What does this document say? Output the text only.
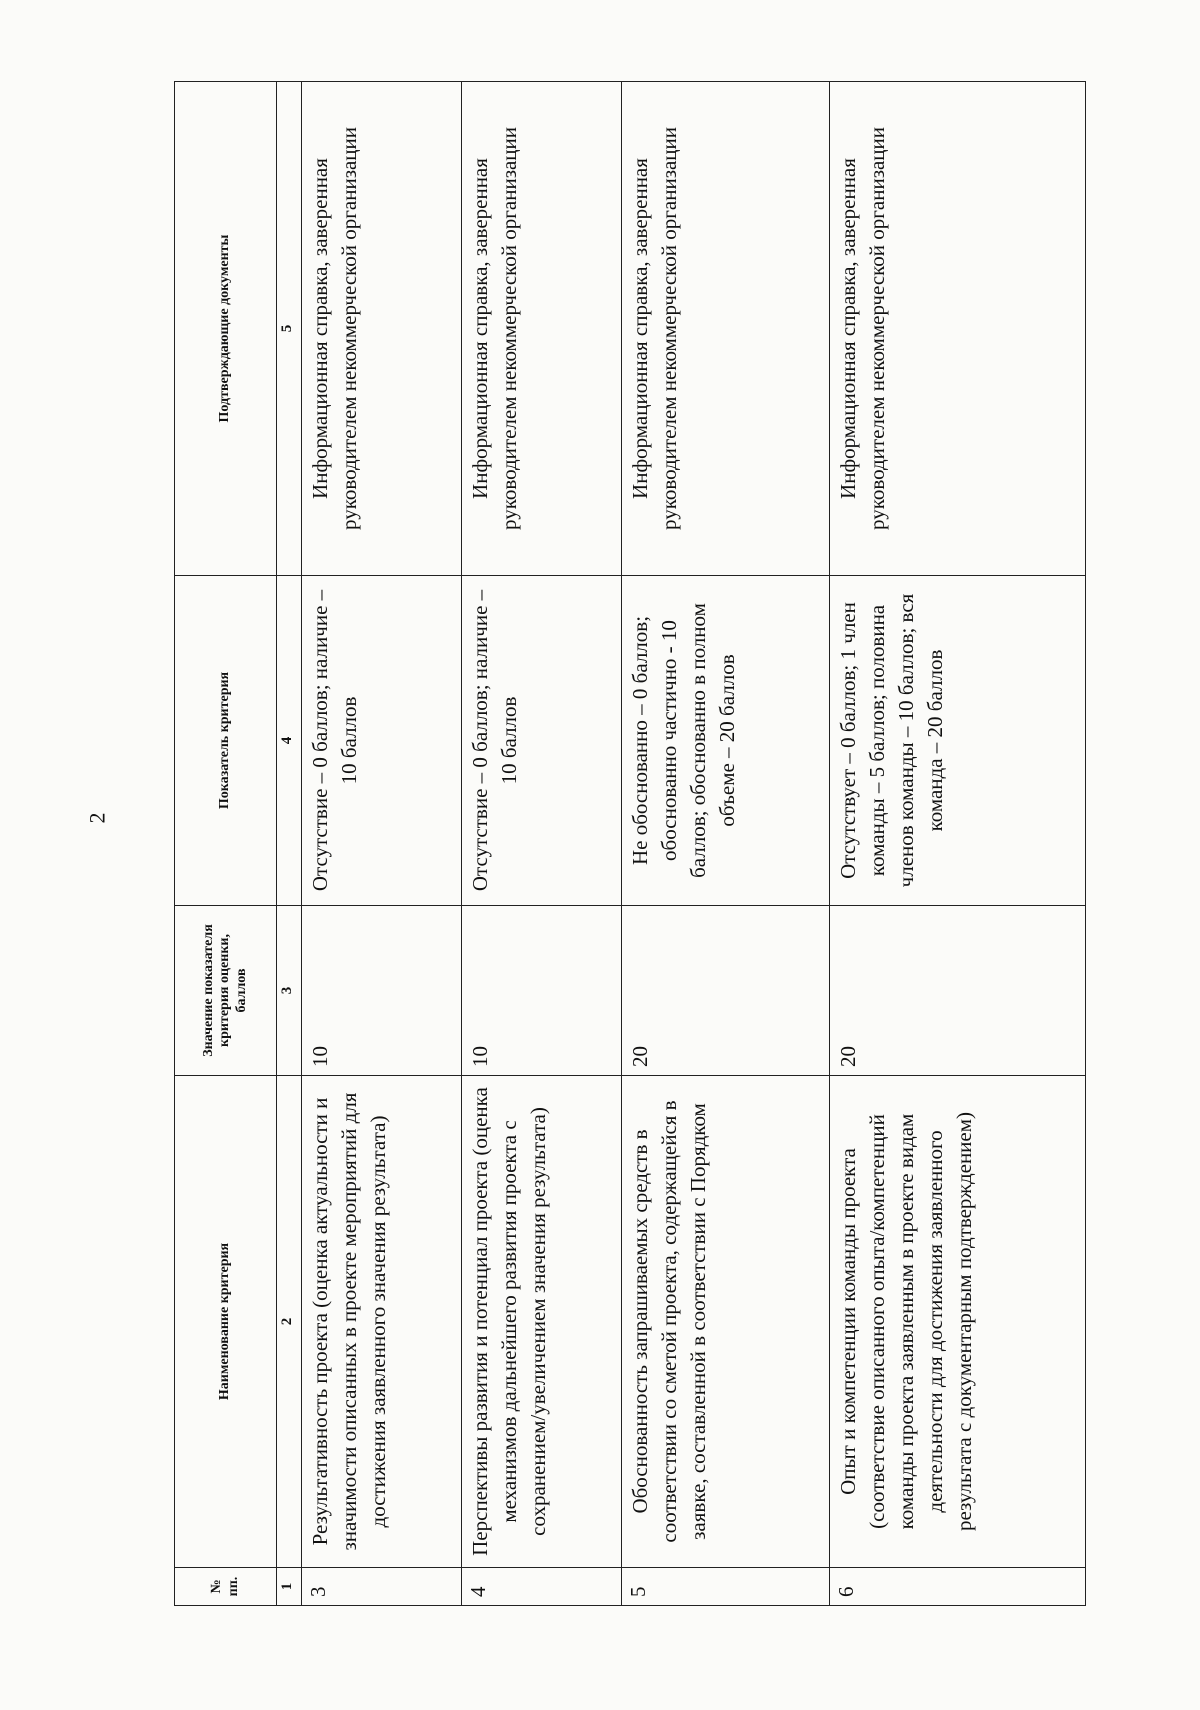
2
№ пп.	Наименование критерия	Значение показателя критерия оценки, баллов	Показатель критерия	Подтверждающие документы
1	2	3	4	5
3	Результативность проекта (оценка актуальности и значимости описанных в проекте мероприятий для достижения заявленного значения результата)	10	Отсутствие – 0 баллов; наличие – 10 баллов	Информационная справка, заверенная руководителем некоммерческой организации
4	Перспективы развития и потенциал проекта (оценка механизмов дальнейшего развития проекта с сохранением/увеличением значения результата)	10	Отсутствие – 0 баллов; наличие – 10 баллов	Информационная справка, заверенная руководителем некоммерческой организации
5	Обоснованность запрашиваемых средств в соответствии со сметой проекта, содержащейся в заявке, составленной в соответствии с Порядком	20	Не обоснованно – 0 баллов; обоснованно частично - 10 баллов; обоснованно в полном объеме – 20 баллов	Информационная справка, заверенная руководителем некоммерческой организации
6	Опыт и компетенции команды проекта (соответствие описанного опыта/компетенций команды проекта заявленным в проекте видам деятельности для достижения заявленного результата с документарным подтверждением)	20	Отсутствует – 0 баллов; 1 член команды – 5 баллов; половина членов команды – 10 баллов; вся команда – 20 баллов	Информационная справка, заверенная руководителем некоммерческой организации
